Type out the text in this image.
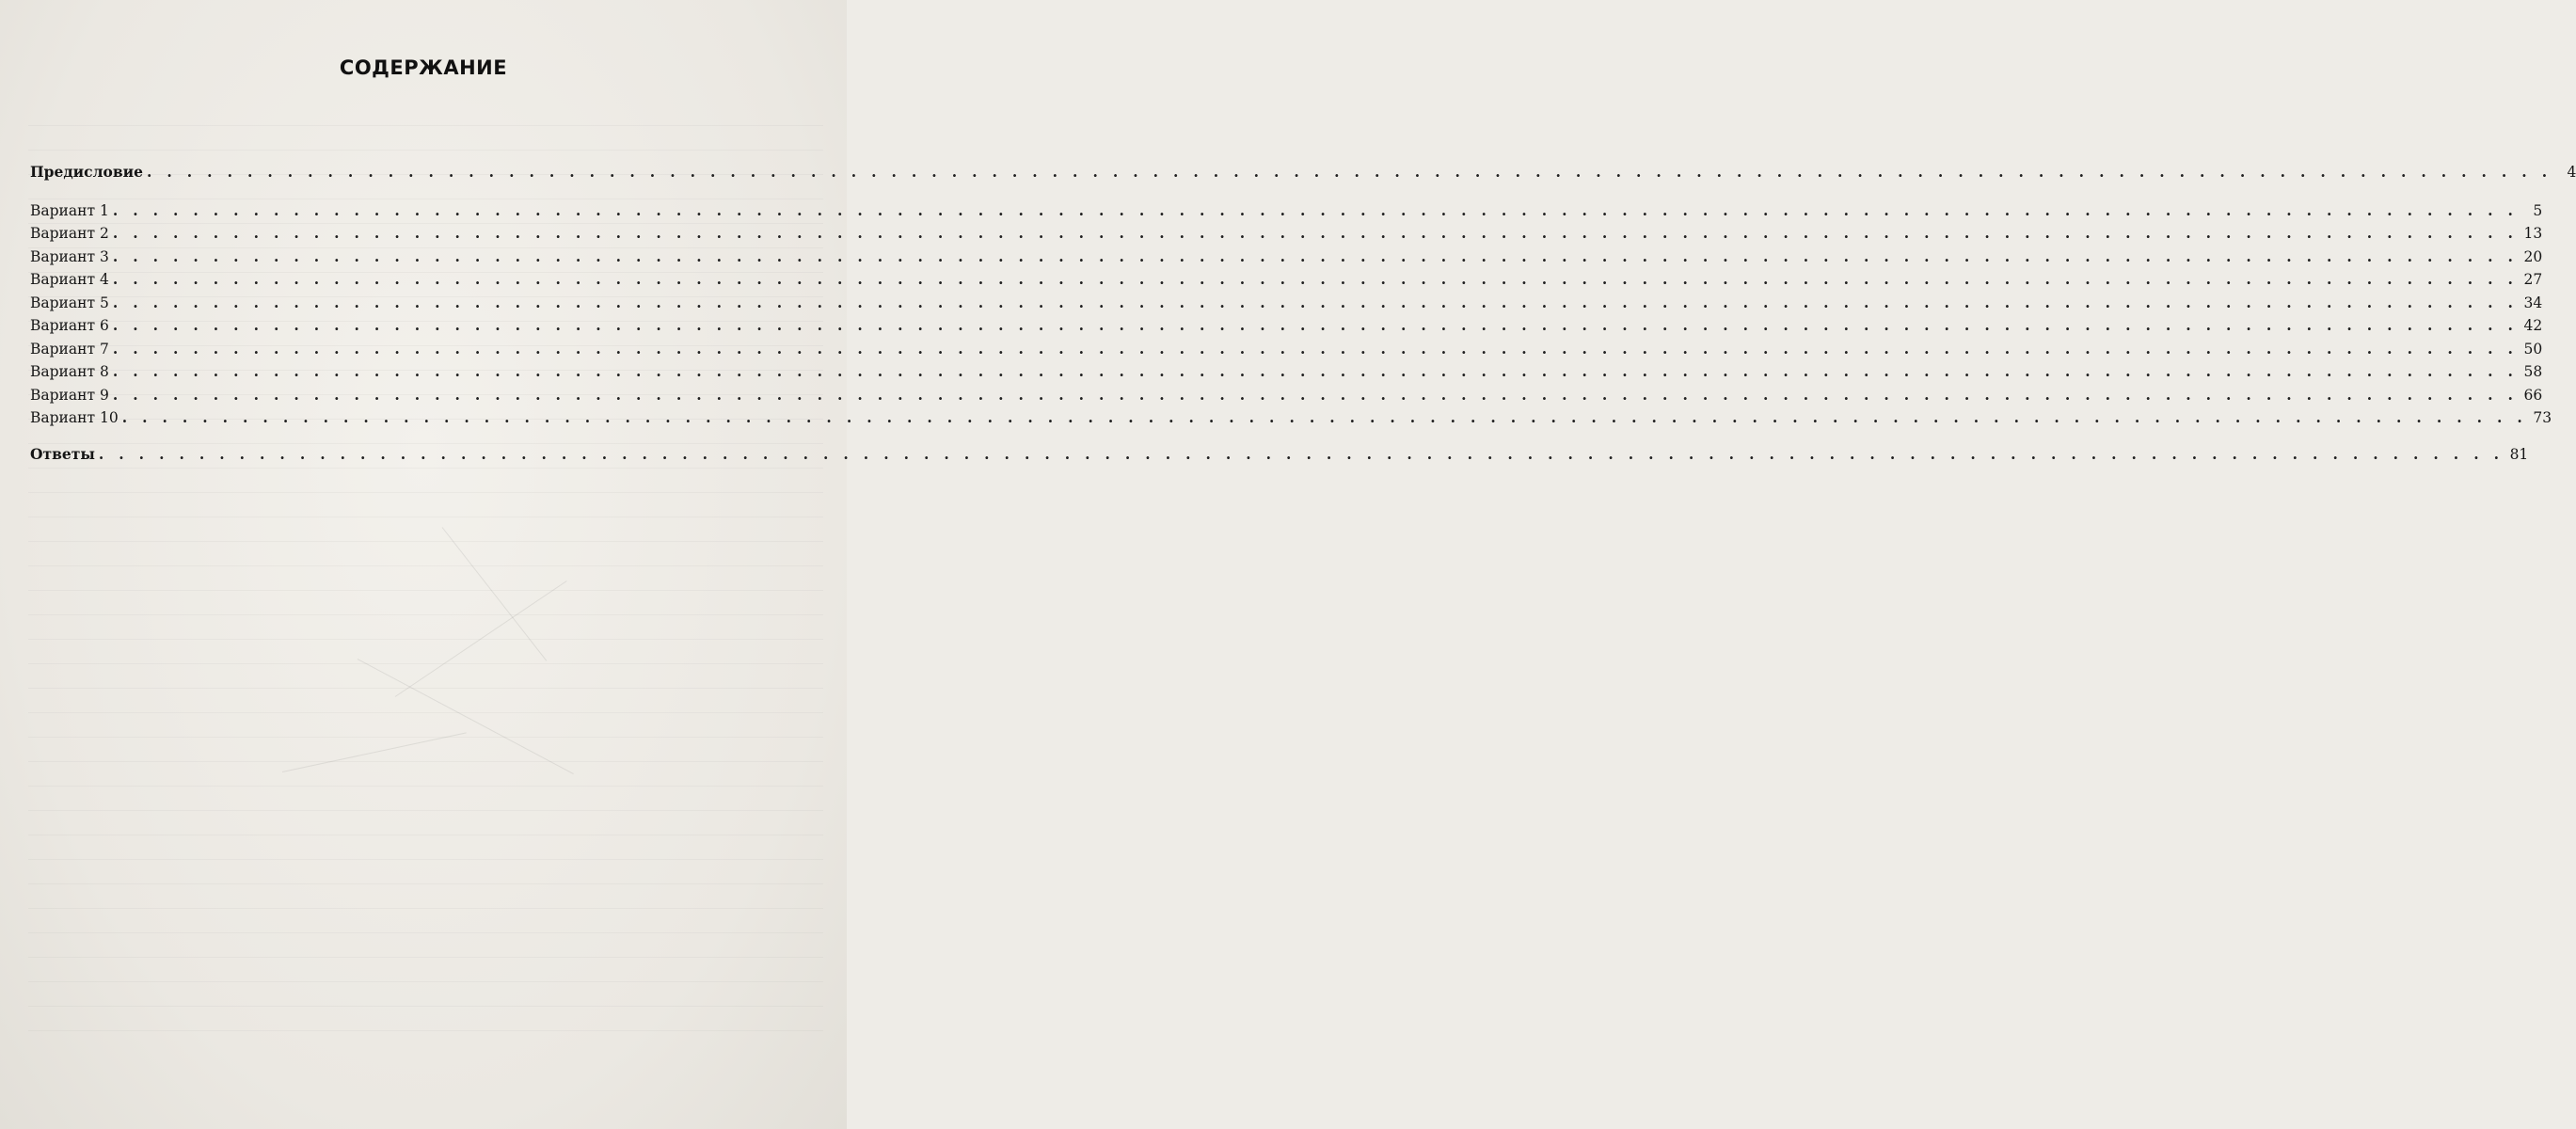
СОДЕРЖАНИЕ
Предисловие . . . . . . . . . . . . . . . . . . . . . . . . . . . . . . . . . . . . . . . . . . . . . . . . . . . . . . . . . . . . . . . . . . . . . . . . . . . . . . . . . . . . . . . . . . . . . . . . . . . . . . . . . . . . . . . . . . . . . . . .	4
Вариант 1 . . . . . . . . . . . . . . . . . . . . . . . . . . . . . . . . . . . . . . . . . . . . . . . . . . . . . . . . . . . . . . . . . . . . . . . . . . . . . . . . . . . . . . . . . . . . . . . . . . . . . . . . . . . . . . . . . . . . . . . .	5
Вариант 2 . . . . . . . . . . . . . . . . . . . . . . . . . . . . . . . . . . . . . . . . . . . . . . . . . . . . . . . . . . . . . . . . . . . . . . . . . . . . . . . . . . . . . . . . . . . . . . . . . . . . . . . . . . . . . . . . . . . . . . . . 13
Вариант 3 . . . . . . . . . . . . . . . . . . . . . . . . . . . . . . . . . . . . . . . . . . . . . . . . . . . . . . . . . . . . . . . . . . . . . . . . . . . . . . . . . . . . . . . . . . . . . . . . . . . . . . . . . . . . . . . . . . . . . . . . 20
Вариант 4 . . . . . . . . . . . . . . . . . . . . . . . . . . . . . . . . . . . . . . . . . . . . . . . . . . . . . . . . . . . . . . . . . . . . . . . . . . . . . . . . . . . . . . . . . . . . . . . . . . . . . . . . . . . . . . . . . . . . . . . . 27
Вариант 5 . . . . . . . . . . . . . . . . . . . . . . . . . . . . . . . . . . . . . . . . . . . . . . . . . . . . . . . . . . . . . . . . . . . . . . . . . . . . . . . . . . . . . . . . . . . . . . . . . . . . . . . . . . . . . . . . . . . . . . . . 34
Вариант 6 . . . . . . . . . . . . . . . . . . . . . . . . . . . . . . . . . . . . . . . . . . . . . . . . . . . . . . . . . . . . . . . . . . . . . . . . . . . . . . . . . . . . . . . . . . . . . . . . . . . . . . . . . . . . . . . . . . . . . . . . 42
Вариант 7 . . . . . . . . . . . . . . . . . . . . . . . . . . . . . . . . . . . . . . . . . . . . . . . . . . . . . . . . . . . . . . . . . . . . . . . . . . . . . . . . . . . . . . . . . . . . . . . . . . . . . . . . . . . . . . . . . . . . . . . . 50
Вариант 8 . . . . . . . . . . . . . . . . . . . . . . . . . . . . . . . . . . . . . . . . . . . . . . . . . . . . . . . . . . . . . . . . . . . . . . . . . . . . . . . . . . . . . . . . . . . . . . . . . . . . . . . . . . . . . . . . . . . . . . . . 58
Вариант 9 . . . . . . . . . . . . . . . . . . . . . . . . . . . . . . . . . . . . . . . . . . . . . . . . . . . . . . . . . . . . . . . . . . . . . . . . . . . . . . . . . . . . . . . . . . . . . . . . . . . . . . . . . . . . . . . . . . . . . . . . 66
Вариант 10 . . . . . . . . . . . . . . . . . . . . . . . . . . . . . . . . . . . . . . . . . . . . . . . . . . . . . . . . . . . . . . . . . . . . . . . . . . . . . . . . . . . . . . . . . . . . . . . . . . . . . . . . . . . . . . . . . . . . . . . . 73
Ответы . . . . . . . . . . . . . . . . . . . . . . . . . . . . . . . . . . . . . . . . . . . . . . . . . . . . . . . . . . . . . . . . . . . . . . . . . . . . . . . . . . . . . . . . . . . . . . . . . . . . . . . . . . . . . . . . . . . . . . . . 81
